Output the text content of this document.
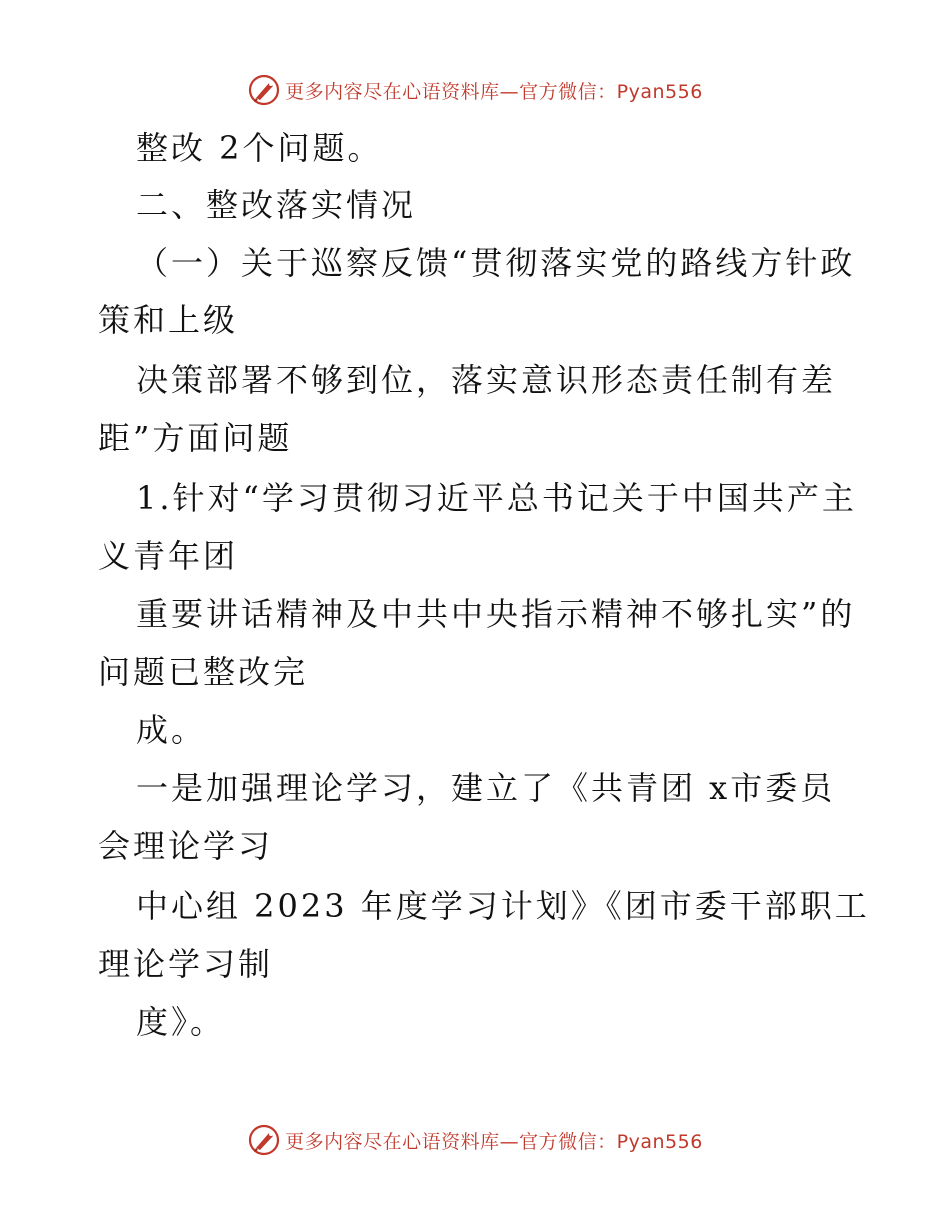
更多内容尽在心语资料库—官方微信：Pyan556
整改 2个问题。
二、整改落实情况
（一）关于巡察反馈“贯彻落实党的路线方针政
策和上级
决策部署不够到位，落实意识形态责任制有差
距”方面问题
1.针对“学习贯彻习近平总书记关于中国共产主
义青年团
重要讲话精神及中共中央指示精神不够扎实”的
问题已整改完
成。
一是加强理论学习，建立了《共青团 x市委员
会理论学习
中心组 2023 年度学习计划》《团市委干部职工
理论学习制
度》。
更多内容尽在心语资料库—官方微信：Pyan556
